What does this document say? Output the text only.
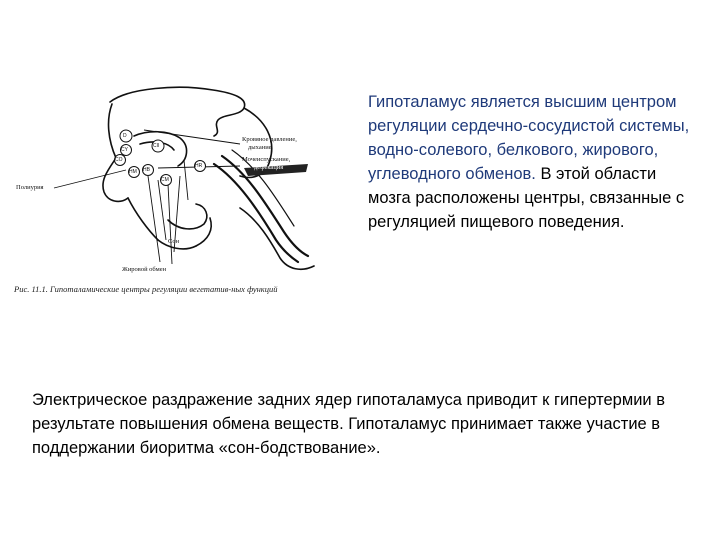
D
CY
CII
CO
HM HB
CM
HR
Кровяное давление,
дыхание
Мочеиспускание,
дефекация
Полиурия
Сон
Жировой обмен
Рис. 11.1. Гипоталамические центры регуляции вегетатив-ных функций

Гипоталамус является высшим центром регуляции сердечно-сосудистой системы, водно-солевого, белкового, жирового, углеводного обменов. В этой области мозга расположены центры, связанные с регуляцией пищевого поведения.

Электрическое раздражение задних ядер гипоталамуса приводит к гипертермии в результате повышения обмена веществ. Гипоталамус принимает также участие в поддержании биоритма «сон-бодствование».
